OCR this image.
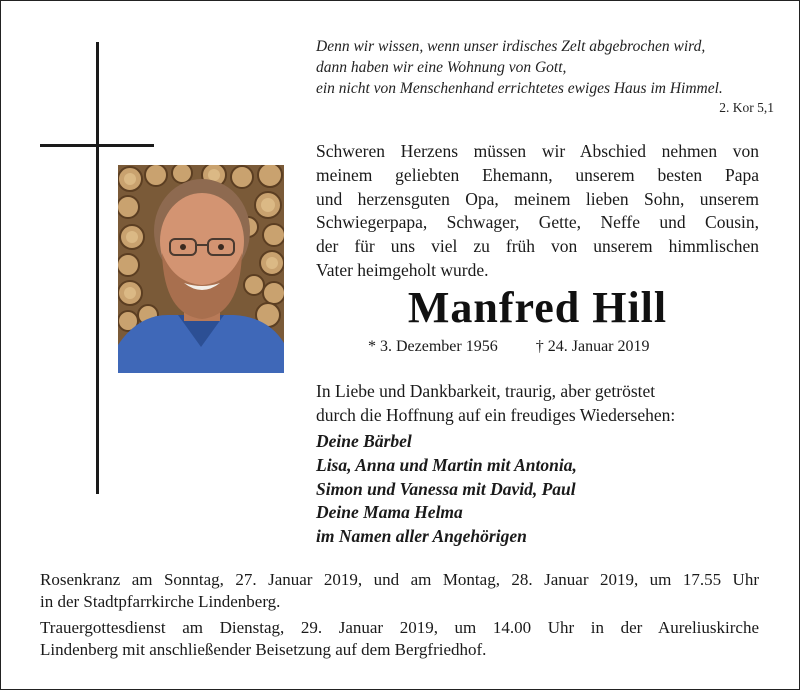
Denn wir wissen, wenn unser irdisches Zelt abgebrochen wird,
dann haben wir eine Wohnung von Gott,
ein nicht von Menschenhand errichtetes ewiges Haus im Himmel.
2. Kor 5,1
Schweren Herzens müssen wir Abschied nehmen von
meinem geliebten Ehemann, unserem besten Papa
und herzensguten Opa, meinem lieben Sohn, unserem
Schwiegerpapa, Schwager, Gette, Neffe und Cousin,
der für uns viel zu früh von unserem himmlischen
Vater heimgeholt wurde.
Manfred Hill
* 3. Dezember 1956 † 24. Januar 2019
In Liebe und Dankbarkeit, traurig, aber getröstet
durch die Hoffnung auf ein freudiges Wiedersehen:
Deine Bärbel
Lisa, Anna und Martin mit Antonia,
Simon und Vanessa mit David, Paul
Deine Mama Helma
im Namen aller Angehörigen
Rosenkranz am Sonntag, 27. Januar 2019, und am Montag, 28. Januar 2019, um 17.55 Uhr
in der Stadtpfarrkirche Lindenberg.
Trauergottesdienst am Dienstag, 29. Januar 2019, um 14.00 Uhr in der Aureliuskirche
Lindenberg mit anschließender Beisetzung auf dem Bergfriedhof.
